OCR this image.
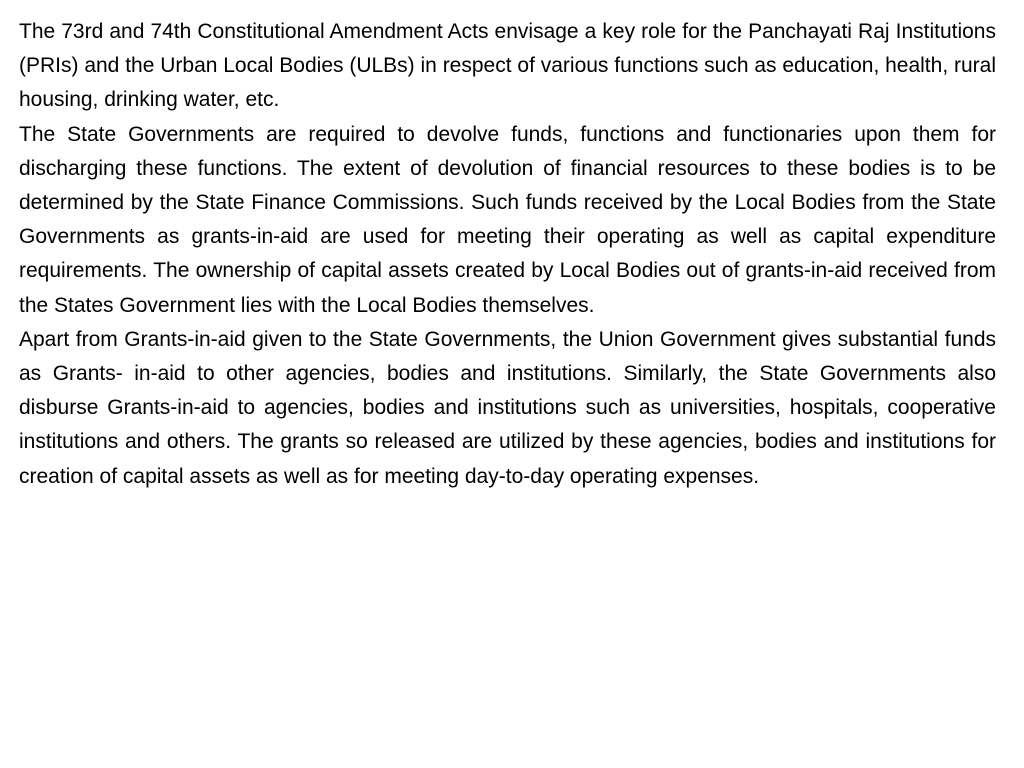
The 73rd and 74th Constitutional Amendment Acts envisage a key role for the Panchayati Raj Institutions (PRIs) and the Urban Local Bodies (ULBs) in respect of various functions such as education, health, rural housing, drinking water, etc.

The State Governments are required to devolve funds, functions and functionaries upon them for discharging these functions. The extent of devolution of financial resources to these bodies is to be determined by the State Finance Commissions. Such funds received by the Local Bodies from the State Governments as grants-in-aid are used for meeting their operating as well as capital expenditure requirements. The ownership of capital assets created by Local Bodies out of grants-in-aid received from the States Government lies with the Local Bodies themselves.

Apart from Grants-in-aid given to the State Governments, the Union Government gives substantial funds as Grants- in-aid to other agencies, bodies and institutions. Similarly, the State Governments also disburse Grants-in-aid to agencies, bodies and institutions such as universities, hospitals, cooperative institutions and others. The grants so released are utilized by these agencies, bodies and institutions for creation of capital assets as well as for meeting day-to-day operating expenses.
